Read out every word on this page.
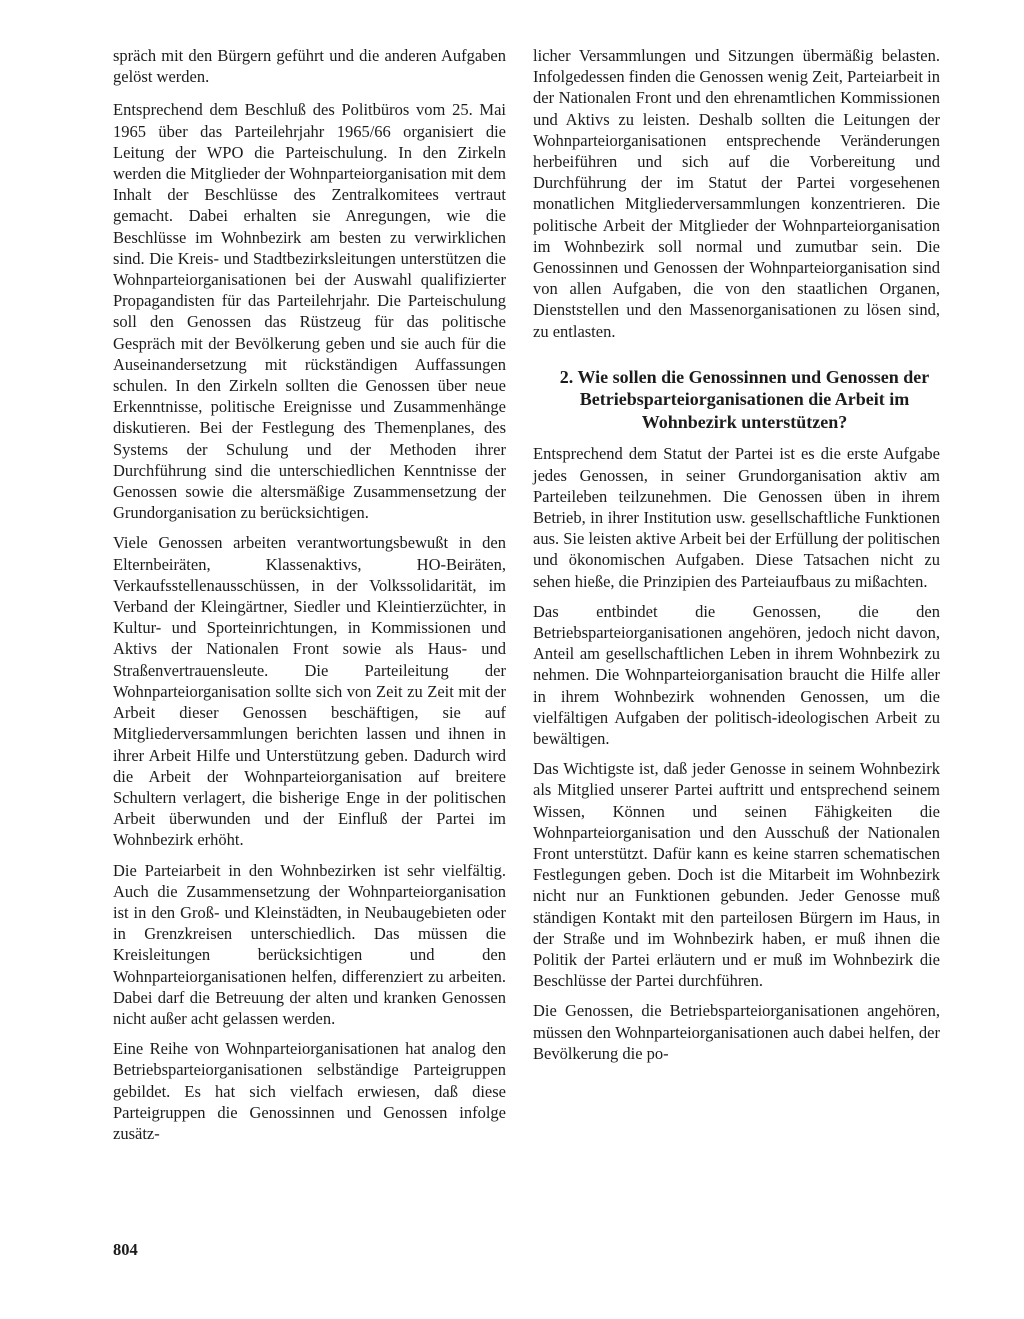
spräch mit den Bürgern geführt und die anderen Aufgaben gelöst werden.

Entsprechend dem Beschluß des Politbüros vom 25. Mai 1965 über das Parteilehrjahr 1965/66 organisiert die Leitung der WPO die Parteischulung. In den Zirkeln werden die Mitglieder der Wohnparteiorganisation mit dem Inhalt der Beschlüsse des Zentralkomitees vertraut gemacht. Dabei erhalten sie Anregungen, wie die Beschlüsse im Wohnbezirk am besten zu verwirklichen sind. Die Kreis- und Stadtbezirksleitungen unterstützen die Wohnparteiorganisationen bei der Auswahl qualifizierter Propagandisten für das Parteilehrjahr. Die Parteischulung soll den Genossen das Rüstzeug für das politische Gespräch mit der Bevölkerung geben und sie auch für die Auseinandersetzung mit rückständigen Auffassungen schulen. In den Zirkeln sollten die Genossen über neue Erkenntnisse, politische Ereignisse und Zusammenhänge diskutieren. Bei der Festlegung des Themenplanes, des Systems der Schulung und der Methoden ihrer Durchführung sind die unterschiedlichen Kenntnisse der Genossen sowie die altersmäßige Zusammensetzung der Grundorganisation zu berücksichtigen.

Viele Genossen arbeiten verantwortungsbewußt in den Elternbeiräten, Klassenaktivs, HO-Beiräten, Verkaufsstellenausschüssen, in der Volkssolidarität, im Verband der Kleingärtner, Siedler und Kleintierzüchter, in Kultur- und Sporteinrichtungen, in Kommissionen und Aktivs der Nationalen Front sowie als Haus- und Straßenvertrauensleute. Die Parteileitung der Wohnparteiorganisation sollte sich von Zeit zu Zeit mit der Arbeit dieser Genossen beschäftigen, sie auf Mitgliederversammlungen berichten lassen und ihnen in ihrer Arbeit Hilfe und Unterstützung geben. Dadurch wird die Arbeit der Wohnparteiorganisation auf breitere Schultern verlagert, die bisherige Enge in der politischen Arbeit überwunden und der Einfluß der Partei im Wohnbezirk erhöht.

Die Parteiarbeit in den Wohnbezirken ist sehr vielfältig. Auch die Zusammensetzung der Wohnparteiorganisation ist in den Groß- und Kleinstädten, in Neubaugebieten oder in Grenzkreisen unterschiedlich. Das müssen die Kreisleitungen berücksichtigen und den Wohnparteiorganisationen helfen, differenziert zu arbeiten. Dabei darf die Betreuung der alten und kranken Genossen nicht außer acht gelassen werden.

Eine Reihe von Wohnparteiorganisationen hat analog den Betriebsparteiorganisationen selbständige Parteigruppen gebildet. Es hat sich vielfach erwiesen, daß diese Parteigruppen die Genossinnen und Genossen infolge zusätz-

licher Versammlungen und Sitzungen übermäßig belasten. Infolgedessen finden die Genossen wenig Zeit, Parteiarbeit in der Nationalen Front und den ehrenamtlichen Kommissionen und Aktivs zu leisten. Deshalb sollten die Leitungen der Wohnparteiorganisationen entsprechende Veränderungen herbeiführen und sich auf die Vorbereitung und Durchführung der im Statut der Partei vorgesehenen monatlichen Mitgliederversammlungen konzentrieren. Die politische Arbeit der Mitglieder der Wohnparteiorganisation im Wohnbezirk soll normal und zumutbar sein. Die Genossinnen und Genossen der Wohnparteiorganisation sind von allen Aufgaben, die von den staatlichen Organen, Dienststellen und den Massenorganisationen zu lösen sind, zu entlasten.

2. Wie sollen die Genossinnen und Genossen der Betriebsparteiorganisationen die Arbeit im Wohnbezirk unterstützen?

Entsprechend dem Statut der Partei ist es die erste Aufgabe jedes Genossen, in seiner Grundorganisation aktiv am Parteileben teilzunehmen. Die Genossen üben in ihrem Betrieb, in ihrer Institution usw. gesellschaftliche Funktionen aus. Sie leisten aktive Arbeit bei der Erfüllung der politischen und ökonomischen Aufgaben. Diese Tatsachen nicht zu sehen hieße, die Prinzipien des Parteiaufbaus zu mißachten.

Das entbindet die Genossen, die den Betriebsparteiorganisationen angehören, jedoch nicht davon, Anteil am gesellschaftlichen Leben in ihrem Wohnbezirk zu nehmen. Die Wohnparteiorganisation braucht die Hilfe aller in ihrem Wohnbezirk wohnenden Genossen, um die vielfältigen Aufgaben der politisch-ideologischen Arbeit zu bewältigen.

Das Wichtigste ist, daß jeder Genosse in seinem Wohnbezirk als Mitglied unserer Partei auftritt und entsprechend seinem Wissen, Können und seinen Fähigkeiten die Wohnparteiorganisation und den Ausschuß der Nationalen Front unterstützt. Dafür kann es keine starren schematischen Festlegungen geben. Doch ist die Mitarbeit im Wohnbezirk nicht nur an Funktionen gebunden. Jeder Genosse muß ständigen Kontakt mit den parteilosen Bürgern im Haus, in der Straße und im Wohnbezirk haben, er muß ihnen die Politik der Partei erläutern und er muß im Wohnbezirk die Beschlüsse der Partei durchführen.

Die Genossen, die Betriebsparteiorganisationen angehören, müssen den Wohnparteiorganisationen auch dabei helfen, der Bevölkerung die po-

804
